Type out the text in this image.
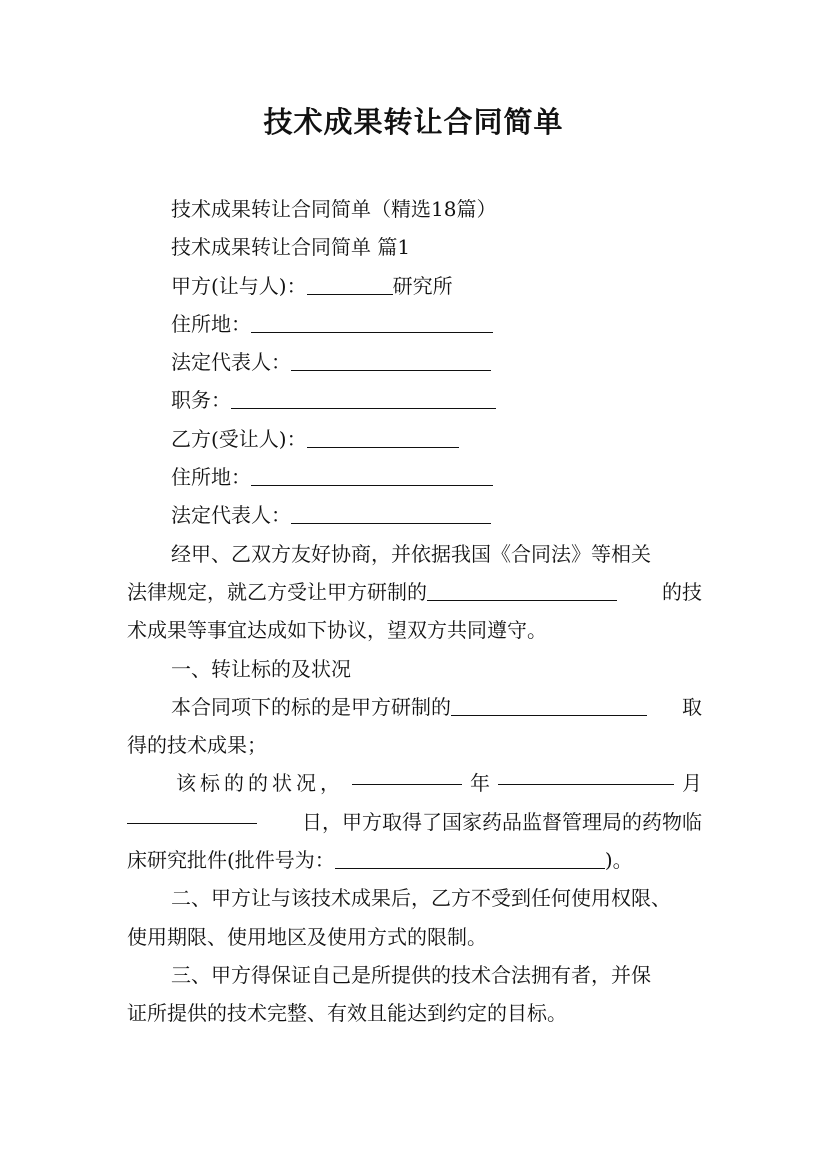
技术成果转让合同简单
技术成果转让合同简单（精选18篇）
技术成果转让合同简单 篇1
甲方(让与人)：	研究所
住所地：
法定代表人：
职务：
乙方(受让人)：
住所地：
法定代表人：
经甲、乙双方友好协商，并依据我国《合同法》等相关
法律规定，就乙方受让甲方研制的	的技
术成果等事宜达成如下协议，望双方共同遵守。
一、转让标的及状况
本合同项下的标的是甲方研制的	取
得的技术成果；
该标的的状况，	年	月
日，甲方取得了国家药品监督管理局的药物临
床研究批件(批件号为：	)。
二、甲方让与该技术成果后，乙方不受到任何使用权限、
使用期限、使用地区及使用方式的限制。
三、甲方得保证自己是所提供的技术合法拥有者，并保
证所提供的技术完整、有效且能达到约定的目标。
